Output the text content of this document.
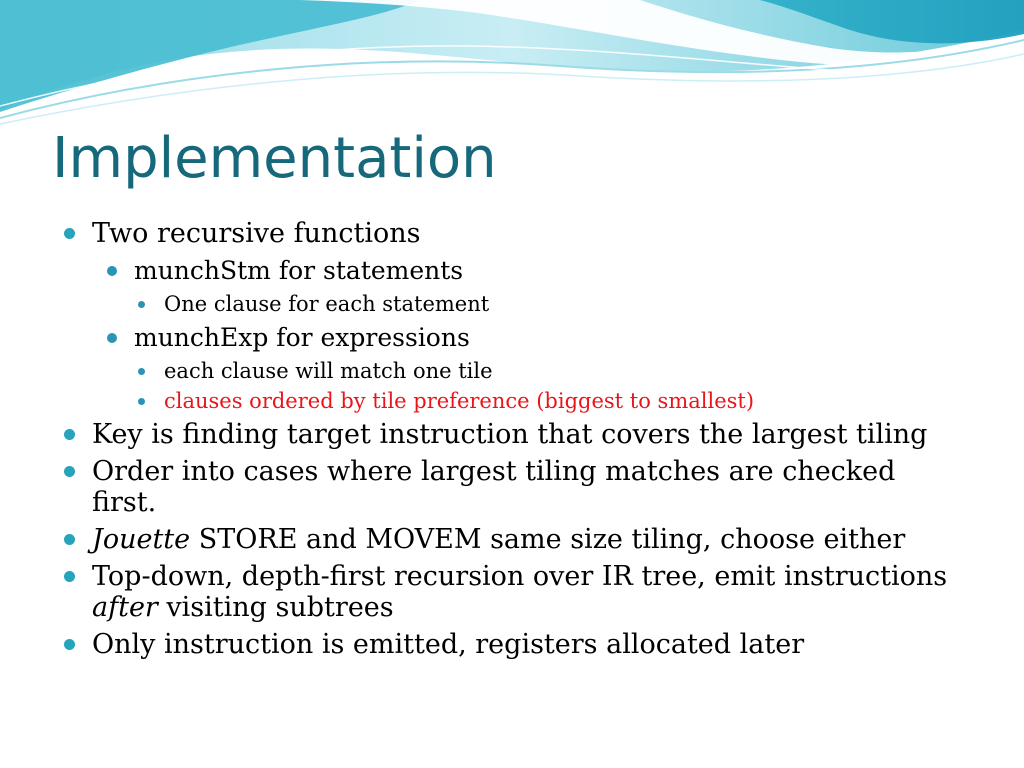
Implementation
Two recursive functions
munchStm for statements
One clause for each statement
munchExp for expressions
each clause will match one tile
clauses ordered by tile preference (biggest to smallest)
Key is finding target instruction that covers the largest tiling
Order into cases where largest tiling matches are checked first.
Jouette STORE and MOVEM same size tiling, choose either
Top-down, depth-first recursion over IR tree, emit instructions
after visiting subtrees
Only instruction is emitted, registers allocated later
